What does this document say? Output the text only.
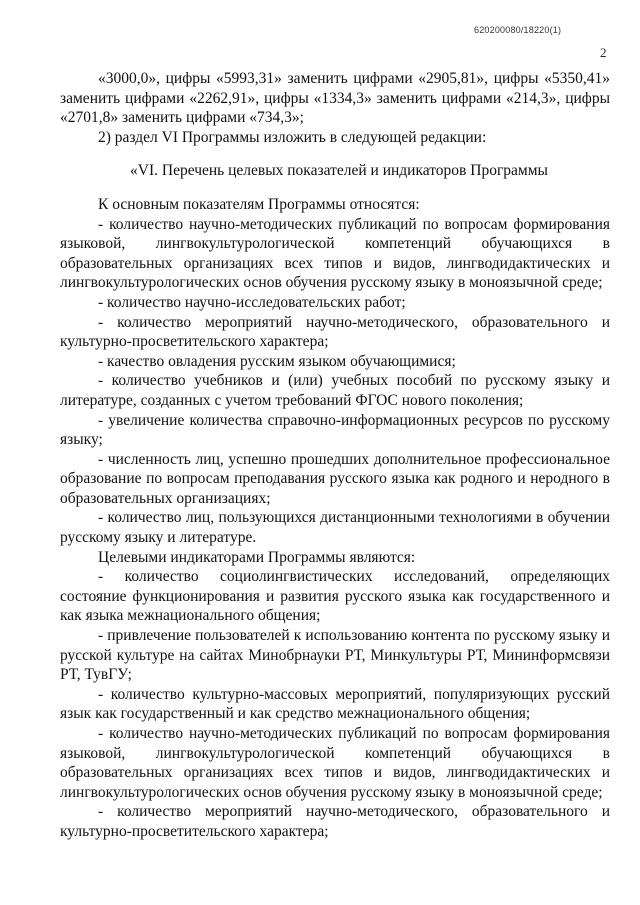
620200080/18220(1)
2

«3000,0», цифры «5993,31» заменить цифрами «2905,81», цифры «5350,41» заменить цифрами «2262,91», цифры «1334,3» заменить цифрами «214,3», цифры «2701,8» заменить цифрами «734,3»;

2) раздел VI Программы изложить в следующей редакции:

«VI. Перечень целевых показателей и индикаторов Программы

К основным показателям Программы относятся:

- количество научно-методических публикаций по вопросам формирования языковой, лингвокультурологической компетенций обучающихся в образовательных организациях всех типов и видов, лингводидактических и лингвокультурологических основ обучения русскому языку в моноязычной среде;

- количество научно-исследовательских работ;

- количество мероприятий научно-методического, образовательного и культурно-просветительского характера;

- качество овладения русским языком обучающимися;

- количество учебников и (или) учебных пособий по русскому языку и литературе, созданных с учетом требований ФГОС нового поколения;

- увеличение количества справочно-информационных ресурсов по русскому языку;

- численность лиц, успешно прошедших дополнительное профессиональное образование по вопросам преподавания русского языка как родного и неродного в образовательных организациях;

- количество лиц, пользующихся дистанционными технологиями в обучении русскому языку и литературе.

Целевыми индикаторами Программы являются:

- количество социолингвистических исследований, определяющих состояние функционирования и развития русского языка как государственного и как языка межнационального общения;

- привлечение пользователей к использованию контента по русскому языку и русской культуре на сайтах Минобрнауки РТ, Минкультуры РТ, Mининформсвязи РТ, ТувГУ;

- количество культурно-массовых мероприятий, популяризующих русский язык как государственный и как средство межнационального общения;

- количество научно-методических публикаций по вопросам формирования языковой, лингвокультурологической компетенций обучающихся в образовательных организациях всех типов и видов, лингводидактических и лингвокультурологических основ обучения русскому языку в моноязычной среде;

- количество мероприятий научно-методического, образовательного и культурно-просветительского характера;
